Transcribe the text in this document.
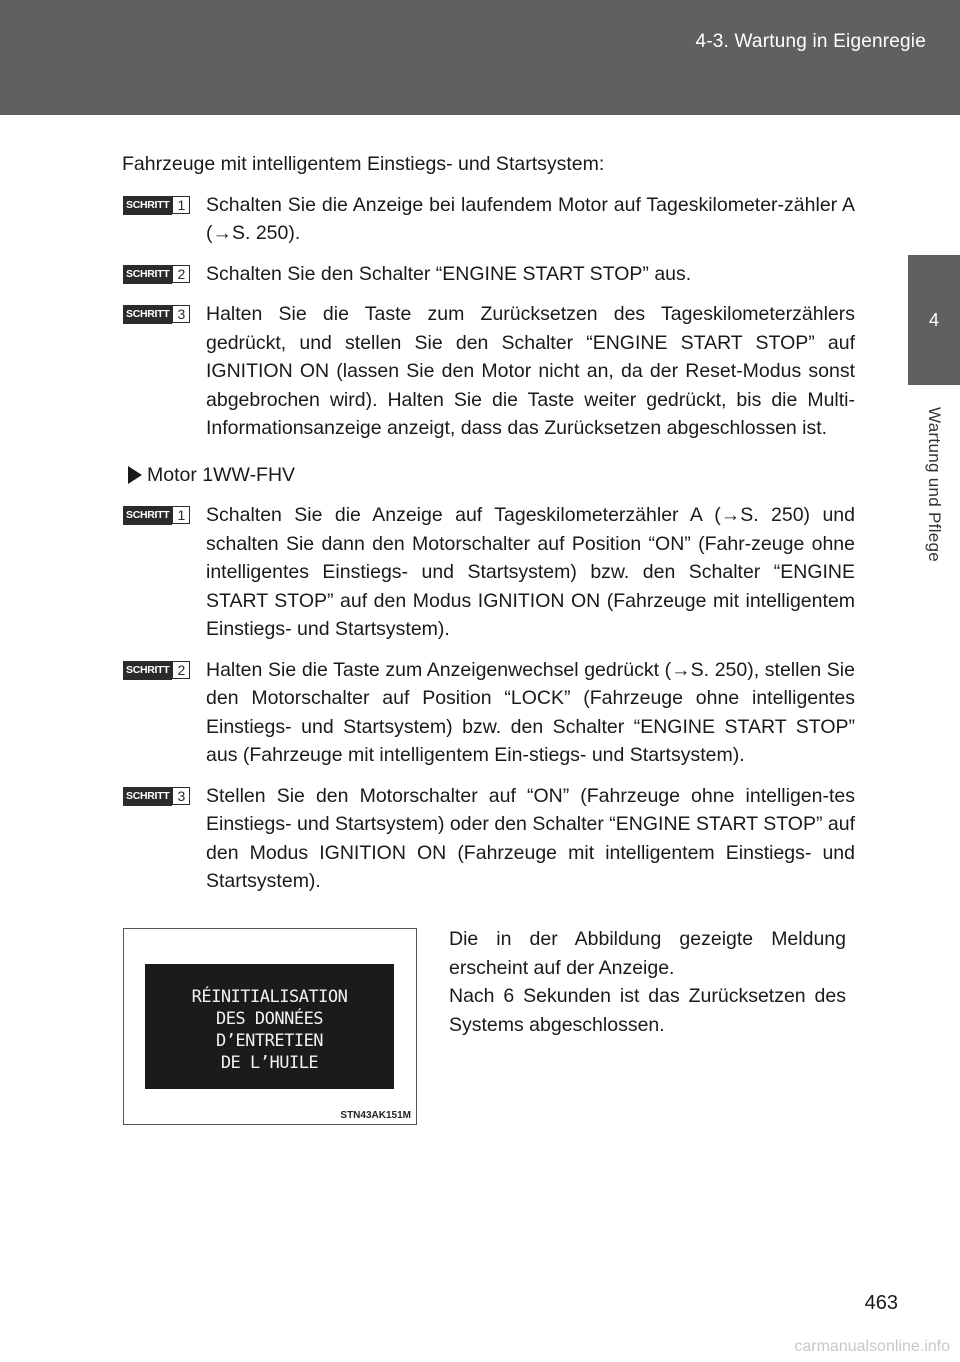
4-3. Wartung in Eigenregie
4
Wartung und Pflege

Fahrzeuge mit intelligentem Einstiegs- und Startsystem:

SCHRITT 1 Schalten Sie die Anzeige bei laufendem Motor auf Tageskilometer-zähler A (→S. 250).
SCHRITT 2 Schalten Sie den Schalter “ENGINE START STOP” aus.
SCHRITT 3 Halten Sie die Taste zum Zurücksetzen des Tageskilometerzählers gedrückt, und stellen Sie den Schalter “ENGINE START STOP” auf IGNITION ON (lassen Sie den Motor nicht an, da der Reset-Modus sonst abgebrochen wird). Halten Sie die Taste weiter gedrückt, bis die Multi-Informationsanzeige anzeigt, dass das Zurücksetzen abgeschlossen ist.
Motor 1WW-FHV
SCHRITT 1 Schalten Sie die Anzeige auf Tageskilometerzähler A (→S. 250) und schalten Sie dann den Motorschalter auf Position “ON” (Fahr-zeuge ohne intelligentes Einstiegs- und Startsystem) bzw. den Schalter “ENGINE START STOP” auf den Modus IGNITION ON (Fahrzeuge mit intelligentem Einstiegs- und Startsystem).
SCHRITT 2 Halten Sie die Taste zum Anzeigenwechsel gedrückt (→S. 250), stellen Sie den Motorschalter auf Position “LOCK” (Fahrzeuge ohne intelligentes Einstiegs- und Startsystem) bzw. den Schalter “ENGINE START STOP” aus (Fahrzeuge mit intelligentem Ein-stiegs- und Startsystem).
SCHRITT 3 Stellen Sie den Motorschalter auf “ON” (Fahrzeuge ohne intelligen-tes Einstiegs- und Startsystem) oder den Schalter “ENGINE START STOP” auf den Modus IGNITION ON (Fahrzeuge mit intelligentem Einstiegs- und Startsystem).
RÉINITIALISATION
DES DONNÉES
D’ENTRETIEN
DE L’HUILE
STN43AK151M

Die in der Abbildung gezeigte Meldung erscheint auf der Anzeige.

Nach 6 Sekunden ist das Zurücksetzen des Systems abgeschlossen.

463
carmanualsonline.info
